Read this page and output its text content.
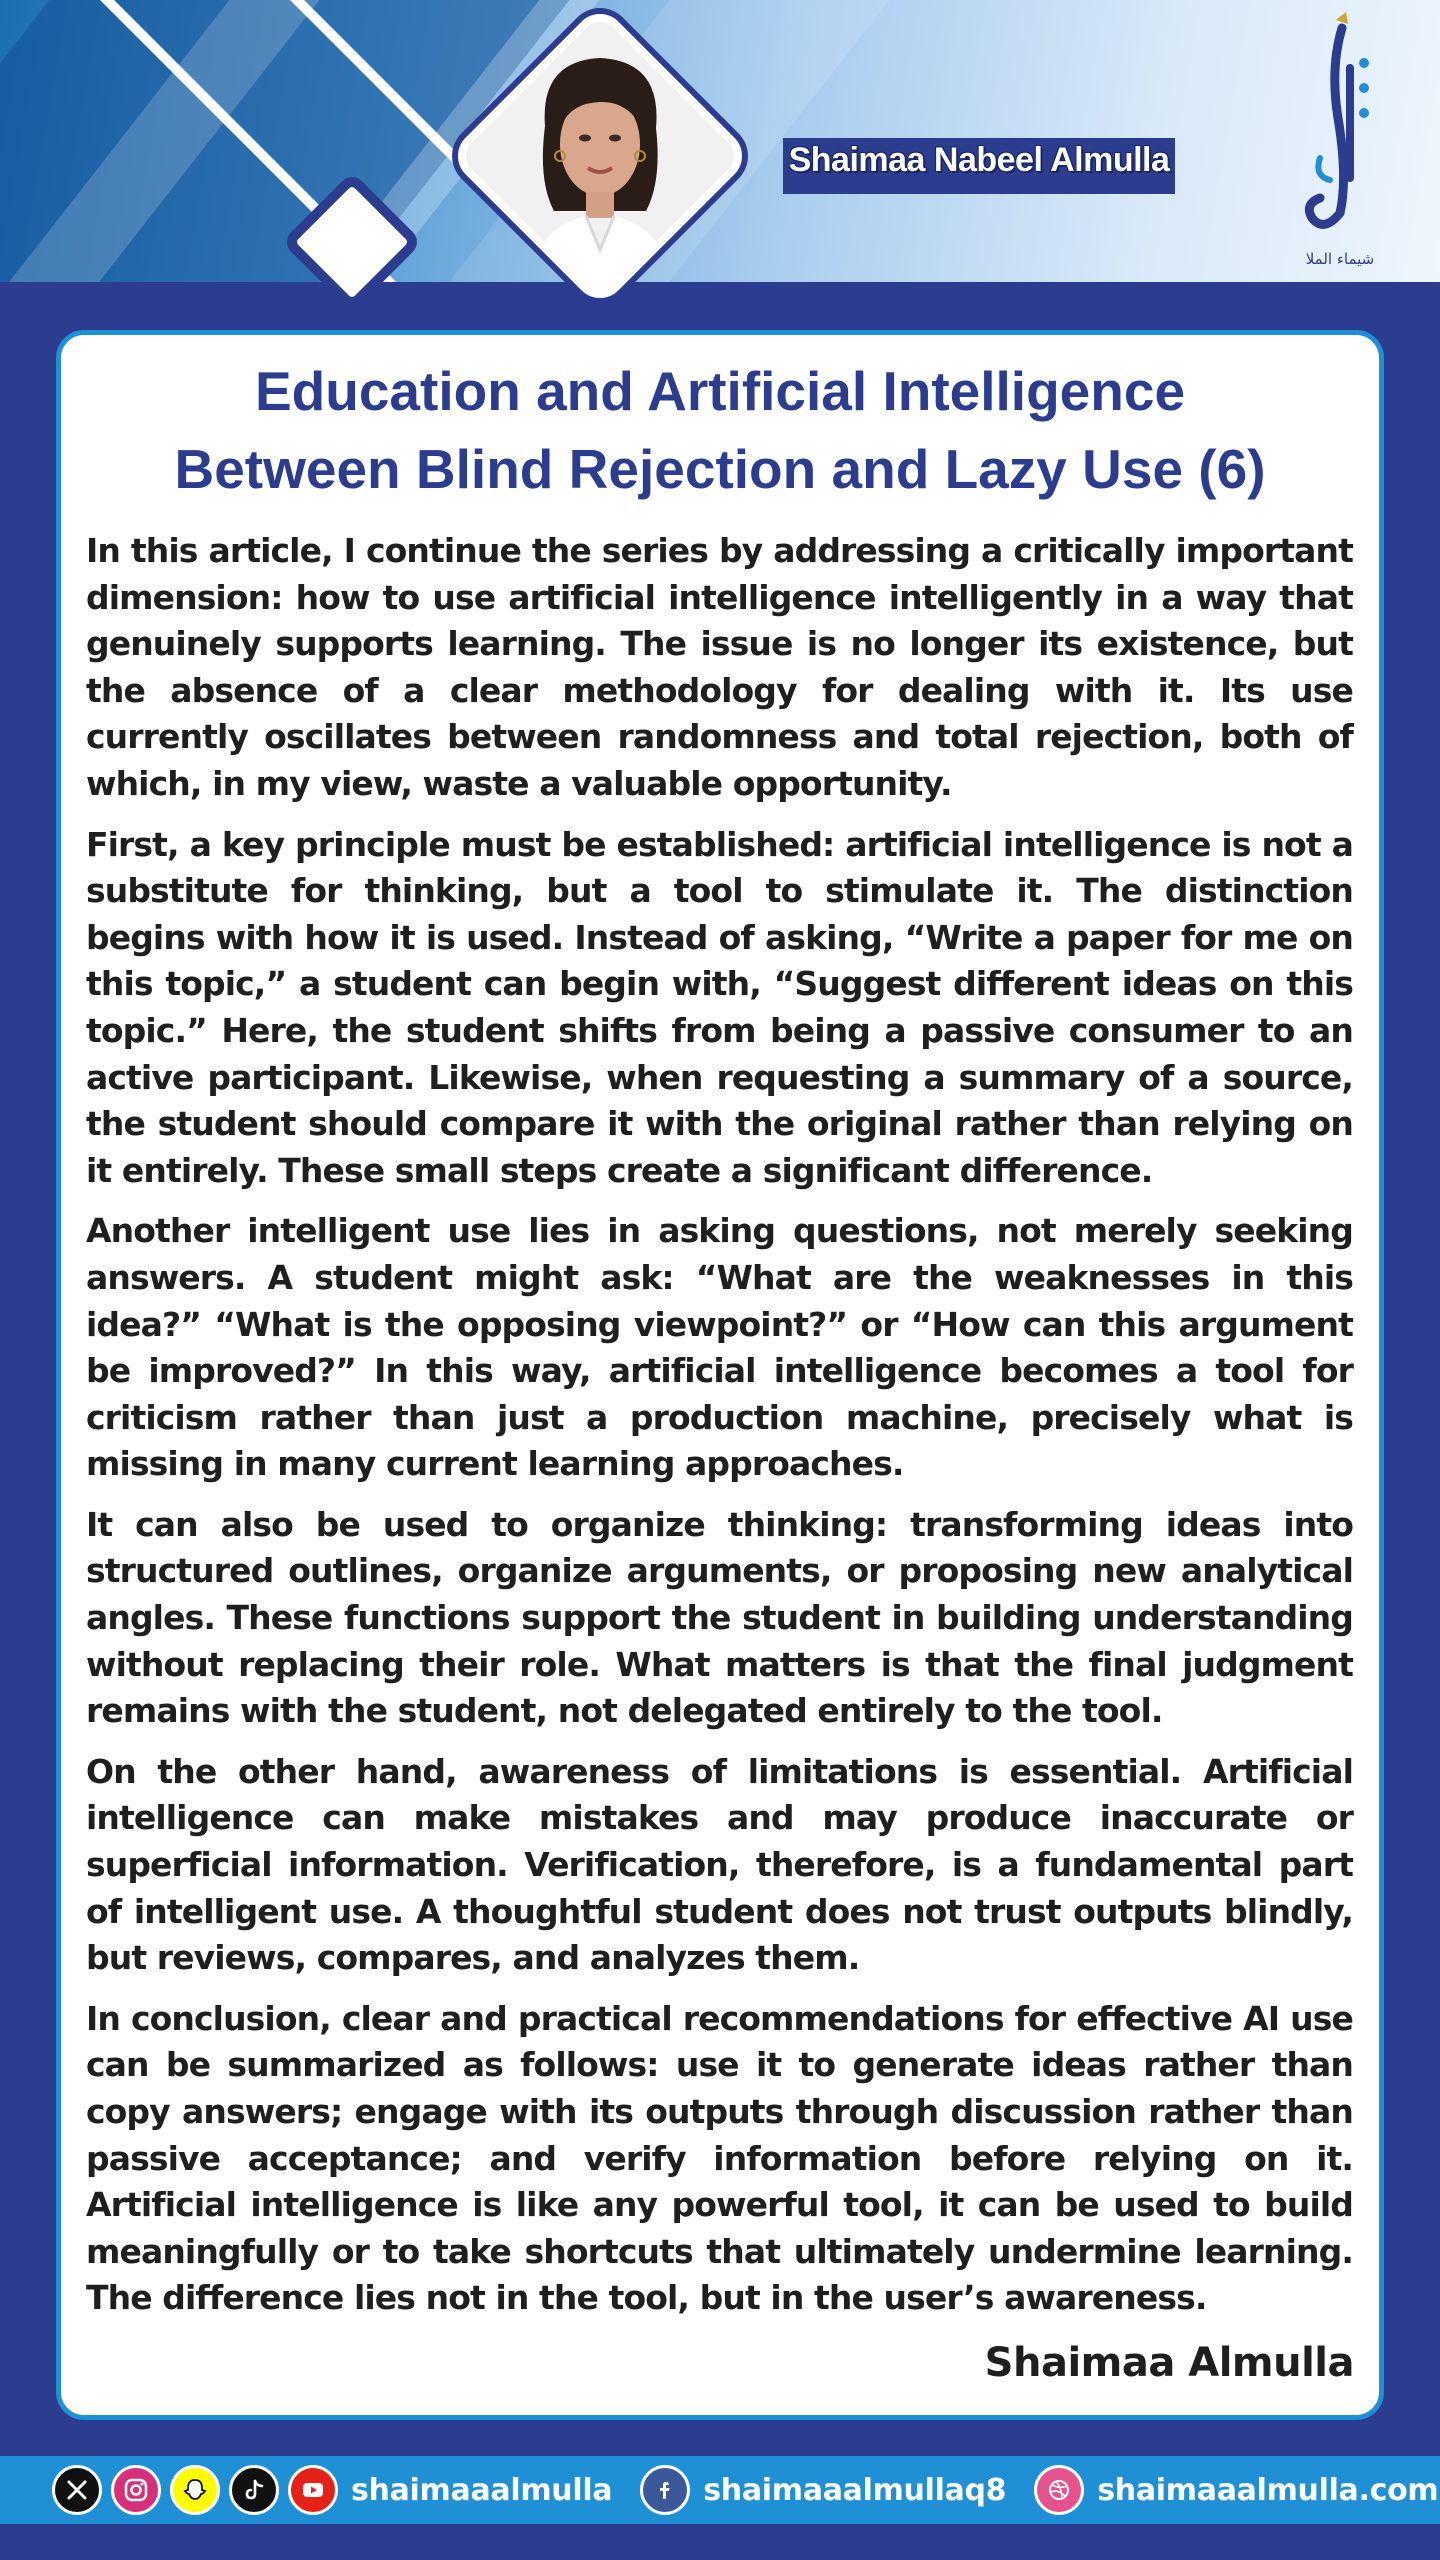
Shaimaa Nabeel Almulla
شيماء الملا
Education and Artificial Intelligence
Between Blind Rejection and Lazy Use (6)

In this article, I continue the series by addressing a critically important dimension: how to use artificial intelligence intelligently in a way that genuinely supports learning. The issue is no longer its existence, but the absence of a clear methodology for dealing with it. Its use currently oscillates between randomness and total rejection, both of which, in my view, waste a valuable opportunity.

First, a key principle must be established: artificial intelligence is not a substitute for thinking, but a tool to stimulate it. The distinction begins with how it is used. Instead of asking, “Write a paper for me on this topic,” a student can begin with, “Suggest different ideas on this topic.” Here, the student shifts from being a passive consumer to an active participant. Likewise, when requesting a summary of a source, the student should compare it with the original rather than relying on it entirely. These small steps create a significant difference.

Another intelligent use lies in asking questions, not merely seeking answers. A student might ask: “What are the weaknesses in this idea?” “What is the opposing viewpoint?” or “How can this argument be improved?” In this way, artificial intelligence becomes a tool for criticism rather than just a production machine, precisely what is missing in many current learning approaches.

It can also be used to organize thinking: transforming ideas into structured outlines, organize arguments, or proposing new analytical angles. These functions support the student in building understanding without replacing their role. What matters is that the final judgment remains with the student, not delegated entirely to the tool.

On the other hand, awareness of limitations is essential. Artificial intelligence can make mistakes and may produce inaccurate or superficial information. Verification, therefore, is a fundamental part of intelligent use. A thoughtful student does not trust outputs blindly, but reviews, compares, and analyzes them.

In conclusion, clear and practical recommendations for effective AI use can be summarized as follows: use it to generate ideas rather than copy answers; engage with its outputs through discussion rather than passive acceptance; and verify information before relying on it. Artificial intelligence is like any powerful tool, it can be used to build meaningfully or to take shortcuts that ultimately undermine learning. The difference lies not in the tool, but in the user’s awareness.

Shaimaa Almulla
shaimaaalmulla	shaimaaalmullaq8	shaimaaalmulla.com
